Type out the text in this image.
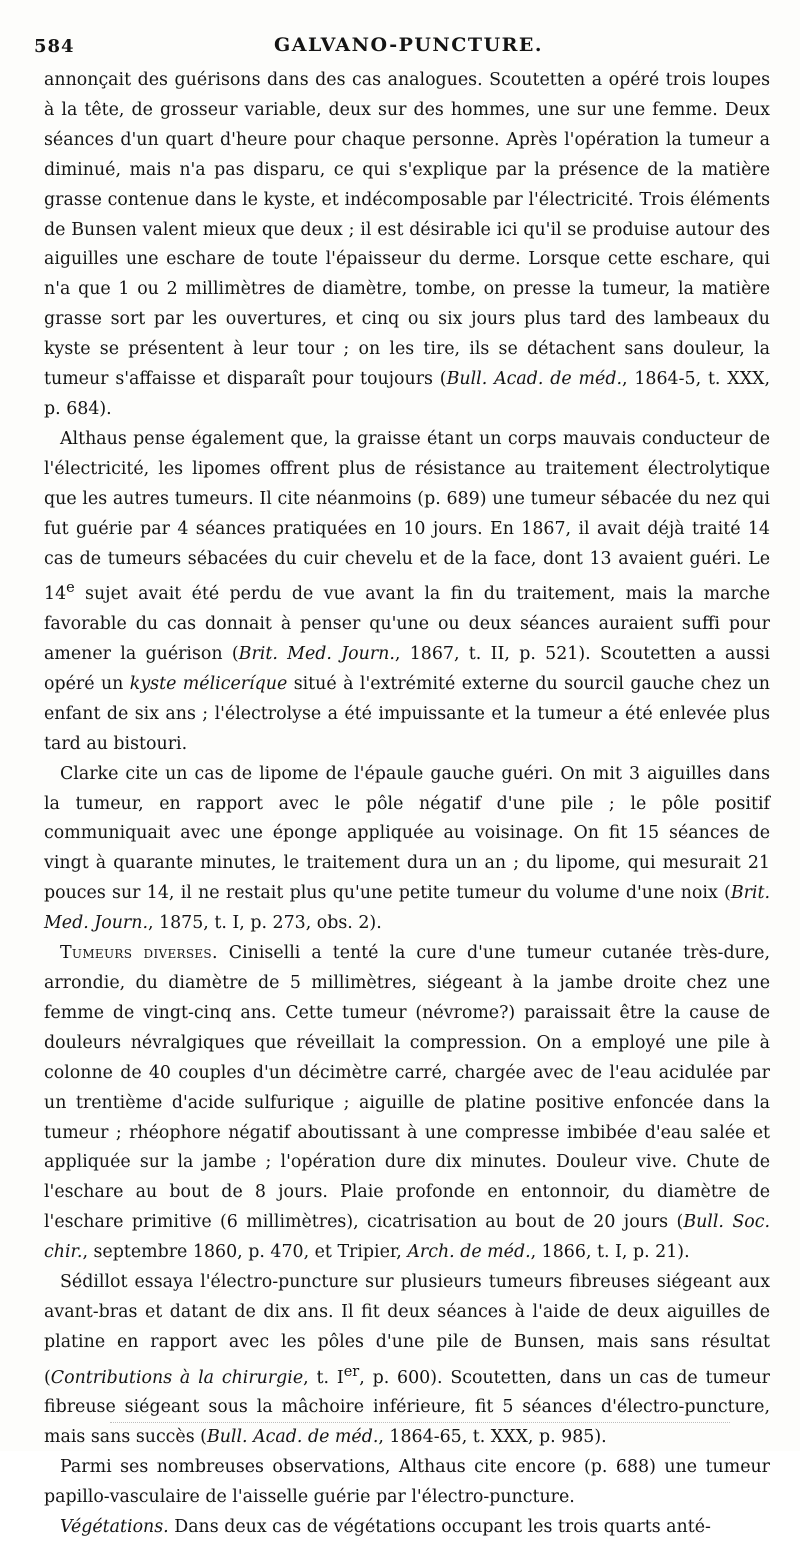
584	GALVANO-PUNCTURE.

annonçait des guérisons dans des cas analogues. Scoutetten a opéré trois loupes à la tête, de grosseur variable, deux sur des hommes, une sur une femme. Deux séances d'un quart d'heure pour chaque personne. Après l'opération la tumeur a diminué, mais n'a pas disparu, ce qui s'explique par la présence de la matière grasse contenue dans le kyste, et indécomposable par l'électricité. Trois éléments de Bunsen valent mieux que deux ; il est désirable ici qu'il se produise autour des aiguilles une eschare de toute l'épaisseur du derme. Lorsque cette eschare, qui n'a que 1 ou 2 millimètres de diamètre, tombe, on presse la tumeur, la matière grasse sort par les ouvertures, et cinq ou six jours plus tard des lambeaux du kyste se présentent à leur tour ; on les tire, ils se détachent sans douleur, la tumeur s'affaisse et disparaît pour toujours (Bull. Acad. de méd., 1864-5, t. XXX, p. 684).

Althaus pense également que, la graisse étant un corps mauvais conducteur de l'électricité, les lipomes offrent plus de résistance au traitement électrolytique que les autres tumeurs. Il cite néanmoins (p. 689) une tumeur sébacée du nez qui fut guérie par 4 séances pratiquées en 10 jours. En 1867, il avait déjà traité 14 cas de tumeurs sébacées du cuir chevelu et de la face, dont 13 avaient guéri. Le 14e sujet avait été perdu de vue avant la fin du traitement, mais la marche favorable du cas donnait à penser qu'une ou deux séances auraient suffi pour amener la guérison (Brit. Med. Journ., 1867, t. II, p. 521). Scoutetten a aussi opéré un kyste méliceríque situé à l'extrémité externe du sourcil gauche chez un enfant de six ans ; l'électrolyse a été impuissante et la tumeur a été enlevée plus tard au bistouri.

Clarke cite un cas de lipome de l'épaule gauche guéri. On mit 3 aiguilles dans la tumeur, en rapport avec le pôle négatif d'une pile ; le pôle positif communiquait avec une éponge appliquée au voisinage. On fit 15 séances de vingt à quarante minutes, le traitement dura un an ; du lipome, qui mesurait 21 pouces sur 14, il ne restait plus qu'une petite tumeur du volume d'une noix (Brit. Med. Journ., 1875, t. I, p. 273, obs. 2).

Tumeurs diverses. Ciniselli a tenté la cure d'une tumeur cutanée très-dure, arrondie, du diamètre de 5 millimètres, siégeant à la jambe droite chez une femme de vingt-cinq ans. Cette tumeur (névrome?) paraissait être la cause de douleurs névralgiques que réveillait la compression. On a employé une pile à colonne de 40 couples d'un décimètre carré, chargée avec de l'eau acidulée par un trentième d'acide sulfurique ; aiguille de platine positive enfoncée dans la tumeur ; rhéophore négatif aboutissant à une compresse imbibée d'eau salée et appliquée sur la jambe ; l'opération dure dix minutes. Douleur vive. Chute de l'eschare au bout de 8 jours. Plaie profonde en entonnoir, du diamètre de l'eschare primitive (6 millimètres), cicatrisation au bout de 20 jours (Bull. Soc. chir., septembre 1860, p. 470, et Tripier, Arch. de méd., 1866, t. I, p. 21).

Sédillot essaya l'électro-puncture sur plusieurs tumeurs fibreuses siégeant aux avant-bras et datant de dix ans. Il fit deux séances à l'aide de deux aiguilles de platine en rapport avec les pôles d'une pile de Bunsen, mais sans résultat (Contributions à la chirurgie, t. Ier, p. 600). Scoutetten, dans un cas de tumeur fibreuse siégeant sous la mâchoire inférieure, fit 5 séances d'électro-puncture, mais sans succès (Bull. Acad. de méd., 1864-65, t. XXX, p. 985).

Parmi ses nombreuses observations, Althaus cite encore (p. 688) une tumeur papillo-vasculaire de l'aisselle guérie par l'électro-puncture.

Végétations. Dans deux cas de végétations occupant les trois quarts anté-
